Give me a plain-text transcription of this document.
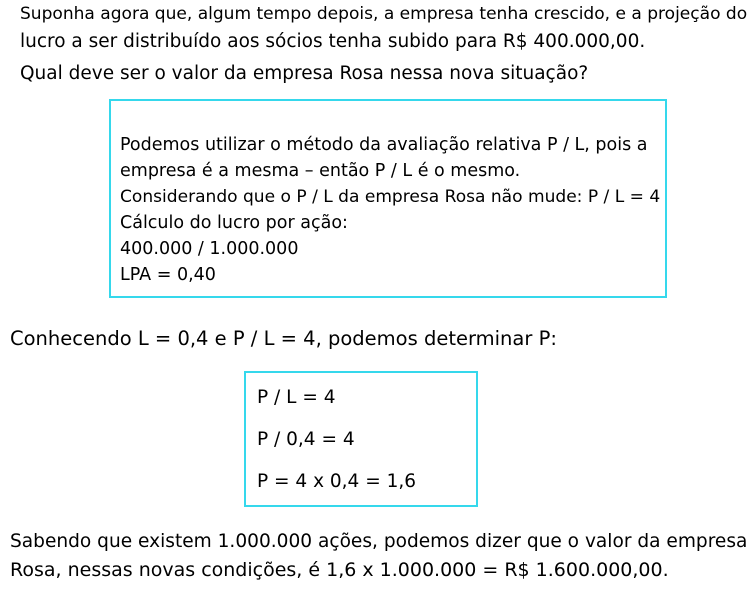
Suponha agora que, algum tempo depois, a empresa tenha crescido, e a projeção do
lucro a ser distribuído aos sócios tenha subido para R$ 400.000,00.
Qual deve ser o valor da empresa Rosa nessa nova situação?
Podemos utilizar o método da avaliação relativa P / L, pois a
empresa é a mesma – então P / L é o mesmo.
Considerando que o P / L da empresa Rosa não mude: P / L = 4
Cálculo do lucro por ação:
400.000 / 1.000.000
LPA = 0,40
Conhecendo L = 0,4 e P / L = 4, podemos determinar P:
P / L = 4
P / 0,4 = 4
P = 4 x 0,4 = 1,6
Sabendo que existem 1.000.000 ações, podemos dizer que o valor da empresa
Rosa, nessas novas condições, é 1,6 x 1.000.000 = R$ 1.600.000,00.
